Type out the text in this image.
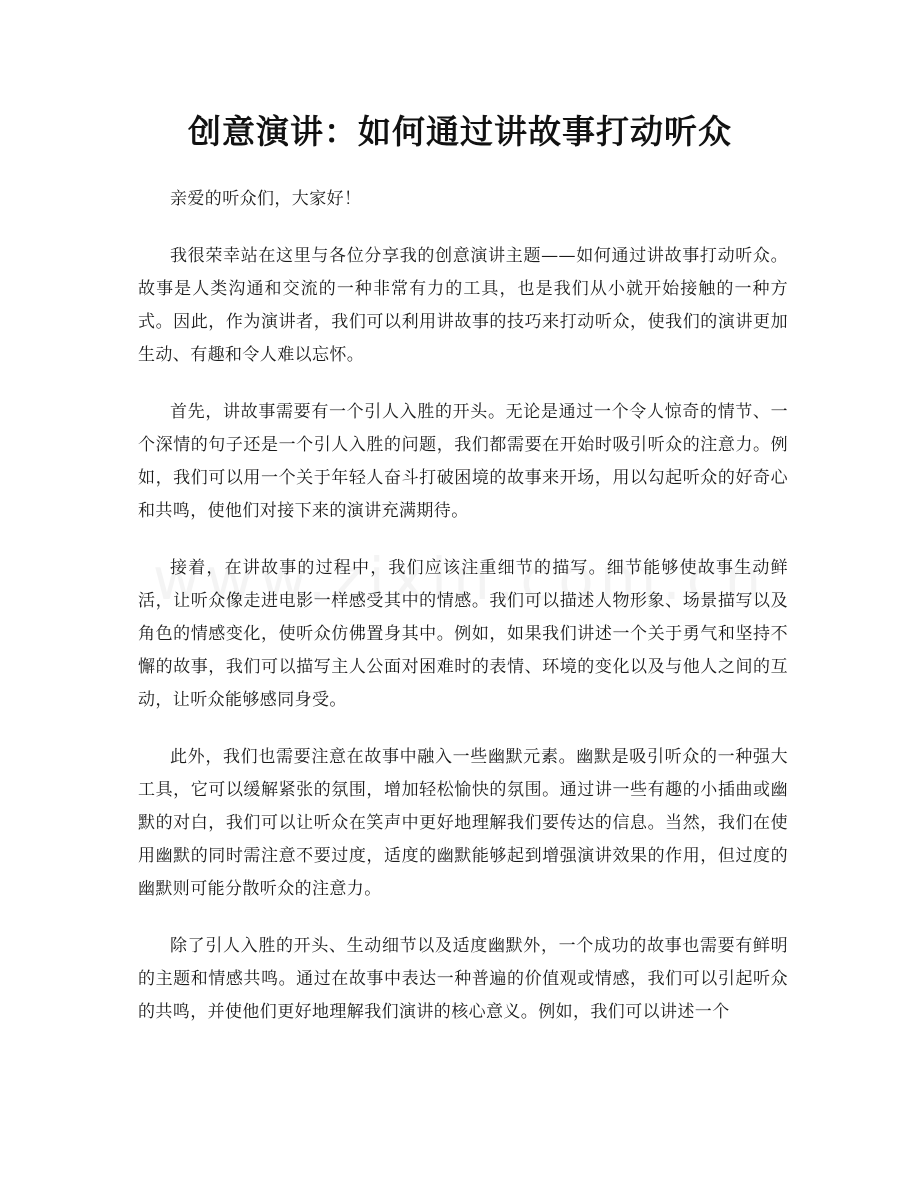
创意演讲：如何通过讲故事打动听众

亲爱的听众们，大家好！

我很荣幸站在这里与各位分享我的创意演讲主题——如何通过讲故事打动听众。故事是人类沟通和交流的一种非常有力的工具，也是我们从小就开始接触的一种方式。因此，作为演讲者，我们可以利用讲故事的技巧来打动听众，使我们的演讲更加生动、有趣和令人难以忘怀。

首先，讲故事需要有一个引人入胜的开头。无论是通过一个令人惊奇的情节、一个深情的句子还是一个引人入胜的问题，我们都需要在开始时吸引听众的注意力。例如，我们可以用一个关于年轻人奋斗打破困境的故事来开场，用以勾起听众的好奇心和共鸣，使他们对接下来的演讲充满期待。

接着，在讲故事的过程中，我们应该注重细节的描写。细节能够使故事生动鲜活，让听众像走进电影一样感受其中的情感。我们可以描述人物形象、场景描写以及角色的情感变化，使听众仿佛置身其中。例如，如果我们讲述一个关于勇气和坚持不懈的故事，我们可以描写主人公面对困难时的表情、环境的变化以及与他人之间的互动，让听众能够感同身受。

此外，我们也需要注意在故事中融入一些幽默元素。幽默是吸引听众的一种强大工具，它可以缓解紧张的氛围，增加轻松愉快的氛围。通过讲一些有趣的小插曲或幽默的对白，我们可以让听众在笑声中更好地理解我们要传达的信息。当然，我们在使用幽默的同时需注意不要过度，适度的幽默能够起到增强演讲效果的作用，但过度的幽默则可能分散听众的注意力。

除了引人入胜的开头、生动细节以及适度幽默外，一个成功的故事也需要有鲜明的主题和情感共鸣。通过在故事中表达一种普遍的价值观或情感，我们可以引起听众的共鸣，并使他们更好地理解我们演讲的核心意义。例如，我们可以讲述一个
